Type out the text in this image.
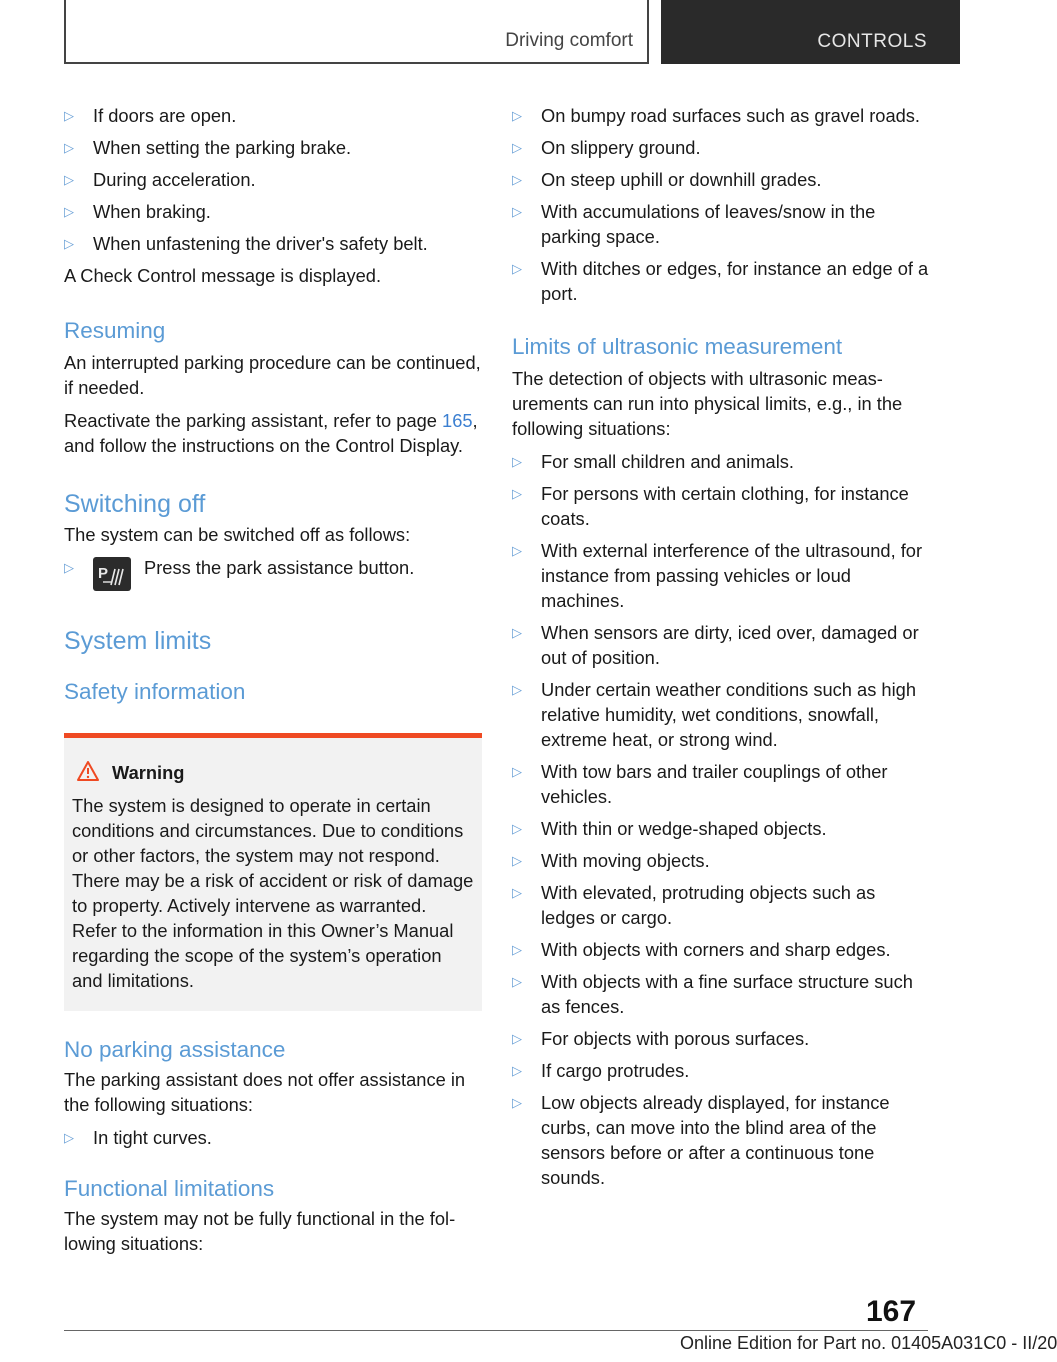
Driving comfort	CONTROLS
▷	If doors are open.
▷	When setting the parking brake.
▷	During acceleration.
▷	When braking.
▷	When unfastening the driver's safety belt.

A Check Control message is displayed.

Resuming

An interrupted parking procedure can be continued, if needed.

Reactivate the parking assistant, refer to page 165, and follow the instructions on the Control Display.

Switching off

The system can be switched off as follows:

▷	P Press the park assistance button.
System limits
Safety information
Warning

The system is designed to operate in certain conditions and circumstances. Due to conditions or other factors, the system may not respond. There may be a risk of accident or risk of damage to property. Actively intervene as warranted. Refer to the information in this Owner’s Manual regarding the scope of the system’s operation and limitations.

No parking assistance

The parking assistant does not offer assistance in the following situations:

▷	In tight curves.
Functional limitations

The system may not be fully functional in the following situations:

▷	On bumpy road surfaces such as gravel roads.
▷	On slippery ground.
▷	On steep uphill or downhill grades.
▷	With accumulations of leaves/snow in the parking space.
▷	With ditches or edges, for instance an edge of a port.
Limits of ultrasonic measurement

The detection of objects with ultrasonic measurements can run into physical limits, e.g., in the following situations:

▷	For small children and animals.
▷	For persons with certain clothing, for instance coats.
▷	With external interference of the ultrasound, for instance from passing vehicles or loud machines.
▷	When sensors are dirty, iced over, damaged or out of position.
▷	Under certain weather conditions such as high relative humidity, wet conditions, snowfall, extreme heat, or strong wind.
▷	With tow bars and trailer couplings of other vehicles.
▷	With thin or wedge-shaped objects.
▷	With moving objects.
▷	With elevated, protruding objects such as ledges or cargo.
▷	With objects with corners and sharp edges.
▷	With objects with a fine surface structure such as fences.
▷	For objects with porous surfaces.
▷	If cargo protrudes.
▷	Low objects already displayed, for instance curbs, can move into the blind area of the sensors before or after a continuous tone sounds.
167
Online Edition for Part no. 01405A031C0 - II/20
